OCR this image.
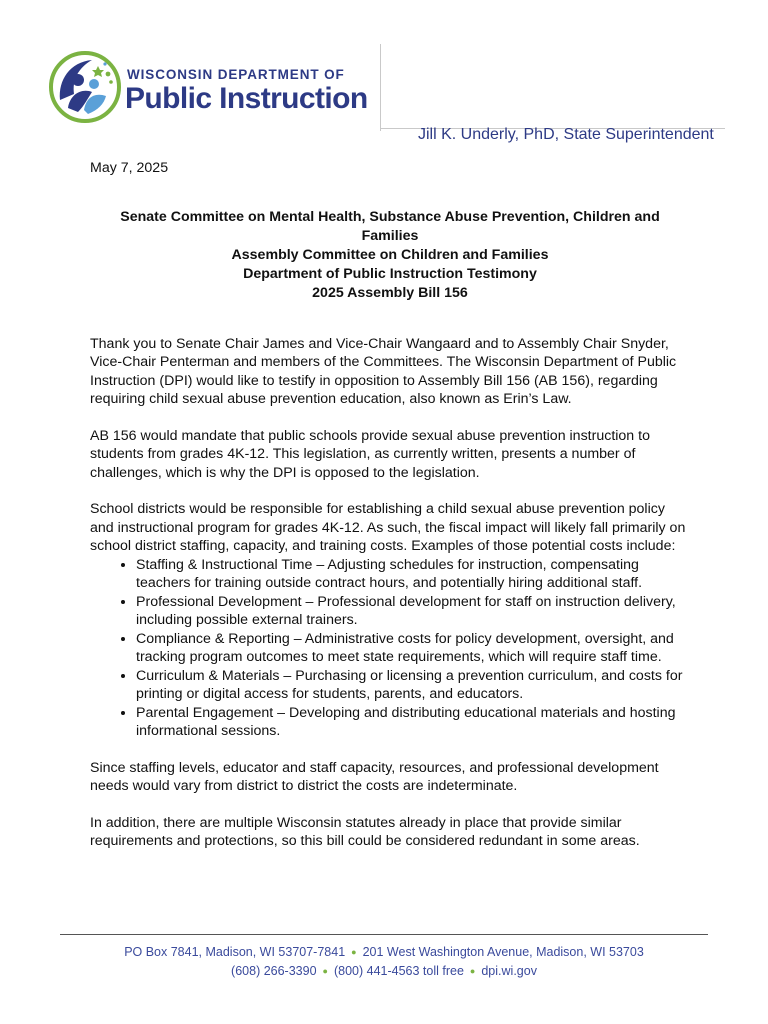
WISCONSIN DEPARTMENT OF
Public Instruction
Jill K. Underly, PhD, State Superintendent
May 7, 2025
Senate Committee on Mental Health, Substance Abuse Prevention, Children and Families
Assembly Committee on Children and Families
Department of Public Instruction Testimony
2025 Assembly Bill 156

Thank you to Senate Chair James and Vice-Chair Wangaard and to Assembly Chair Snyder, Vice-Chair Penterman and members of the Committees. The Wisconsin Department of Public Instruction (DPI) would like to testify in opposition to Assembly Bill 156 (AB 156), regarding requiring child sexual abuse prevention education, also known as Erin’s Law.

AB 156 would mandate that public schools provide sexual abuse prevention instruction to students from grades 4K-12. This legislation, as currently written, presents a number of challenges, which is why the DPI is opposed to the legislation.

School districts would be responsible for establishing a child sexual abuse prevention policy and instructional program for grades 4K-12. As such, the fiscal impact will likely fall primarily on school district staffing, capacity, and training costs. Examples of those potential costs include:

• Staffing & Instructional Time – Adjusting schedules for instruction, compensating teachers for training outside contract hours, and potentially hiring additional staff.
• Professional Development – Professional development for staff on instruction delivery, including possible external trainers.
• Compliance & Reporting – Administrative costs for policy development, oversight, and tracking program outcomes to meet state requirements, which will require staff time.
• Curriculum & Materials – Purchasing or licensing a prevention curriculum, and costs for printing or digital access for students, parents, and educators.
• Parental Engagement – Developing and distributing educational materials and hosting informational sessions.

Since staffing levels, educator and staff capacity, resources, and professional development needs would vary from district to district the costs are indeterminate.

In addition, there are multiple Wisconsin statutes already in place that provide similar requirements and protections, so this bill could be considered redundant in some areas.

PO Box 7841, Madison, WI 53707-7841 ● 201 West Washington Avenue, Madison, WI 53703
(608) 266-3390 ● (800) 441-4563 toll free ● dpi.wi.gov
